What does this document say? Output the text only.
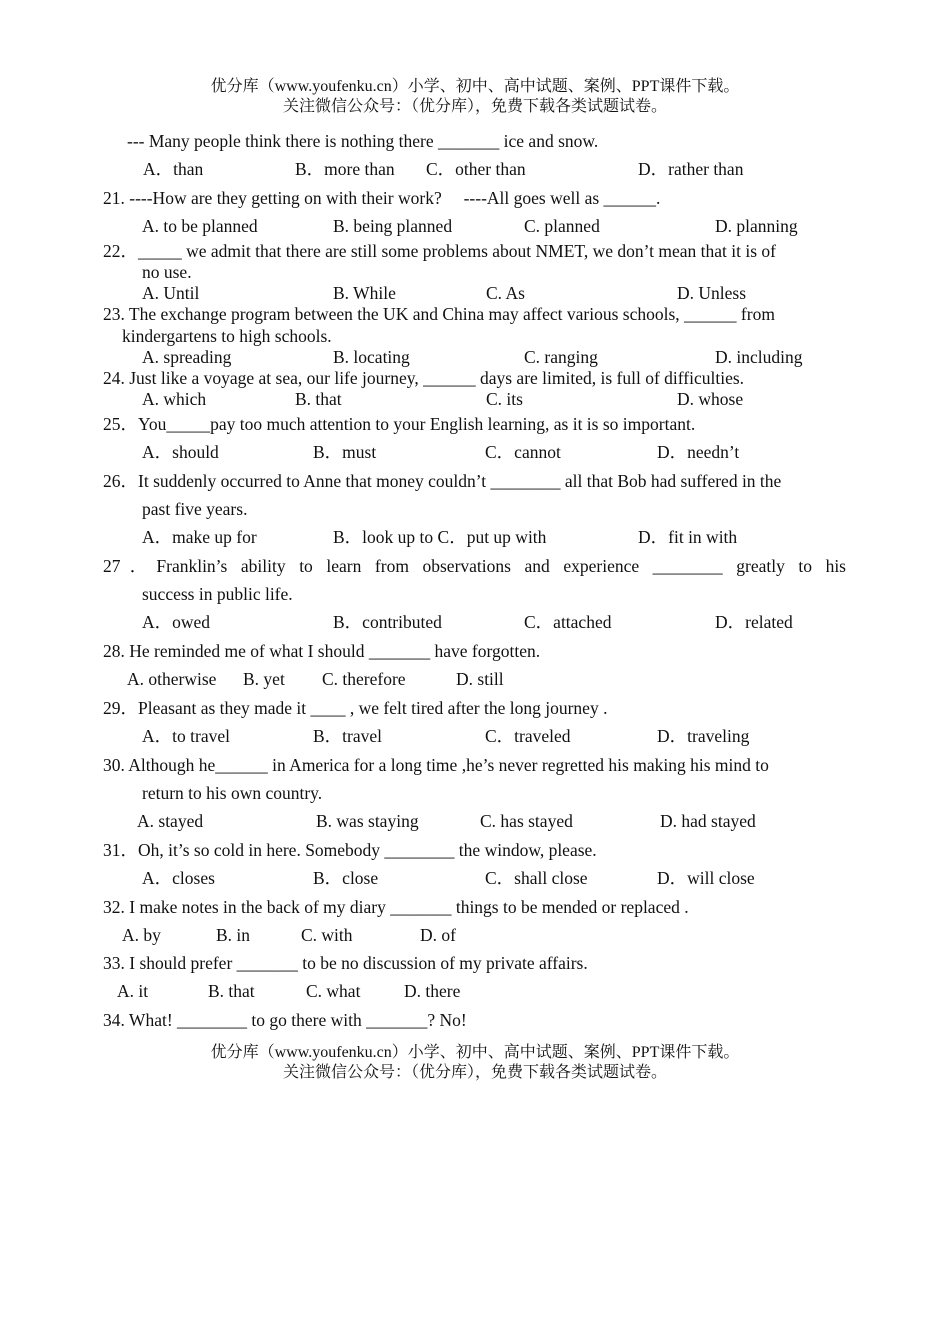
优分库（www.youfenku.cn）小学、初中、高中试题、案例、PPT课件下载。
关注微信公众号：（优分库），免费下载各类试题试卷。
--- Many people think there is nothing there _______ ice and snow.
A．than	B．more than C．other than	D．rather than
21. ----How are they getting on with their work?     ----All goes well as ______.
A. to be planned	B. being planned	C. planned	D. planning
22．_____ we admit that there are still some problems about NMET, we don’t mean that it is of
no use.
A. Until	B. While	C. As	D. Unless
23. The exchange program between the UK and China may affect various schools, ______ from
kindergartens to high schools.
A. spreading	B. locating	C. ranging	D. including
24. Just like a voyage at sea, our life journey, ______ days are limited, is full of difficulties.
A. which	B. that	C. its	D. whose
25．You_____pay too much attention to your English learning, as it is so important.
A．should	B．must	C．cannot	D．needn’t
26．It suddenly occurred to Anne that money couldn’t ________ all that Bob had suffered in the
past five years.
A．make up for	B．look up to C．put up with	D．fit in with
27．Franklin’s ability to learn from observations and experience ________ greatly to his
success in public life.
A．owed	B．contributed	C．attached	D．related
28. He reminded me of what I should _______ have forgotten.
A. otherwise B. yet C. therefore	D. still
29．Pleasant as they made it ____ , we felt tired after the long journey .
A．to travel	B．travel	C．traveled	D．traveling
30. Although he______ in America for a long time ,he’s never regretted his making his mind to
return to his own country.
A. stayed	B. was staying	C. has stayed	D. had stayed
31．Oh, it’s so cold in here. Somebody ________ the window, please.
A．closes	B．close	C．shall close	D．will close
32. I make notes in the back of my diary _______ things to be mended or replaced .
A. by	B. in	C. with	D. of
33. I should prefer _______ to be no discussion of my private affairs.
A. it	B. that	C. what D. there
34. What! ________ to go there with _______? No!
优分库（www.youfenku.cn）小学、初中、高中试题、案例、PPT课件下载。
关注微信公众号：（优分库），免费下载各类试题试卷。
